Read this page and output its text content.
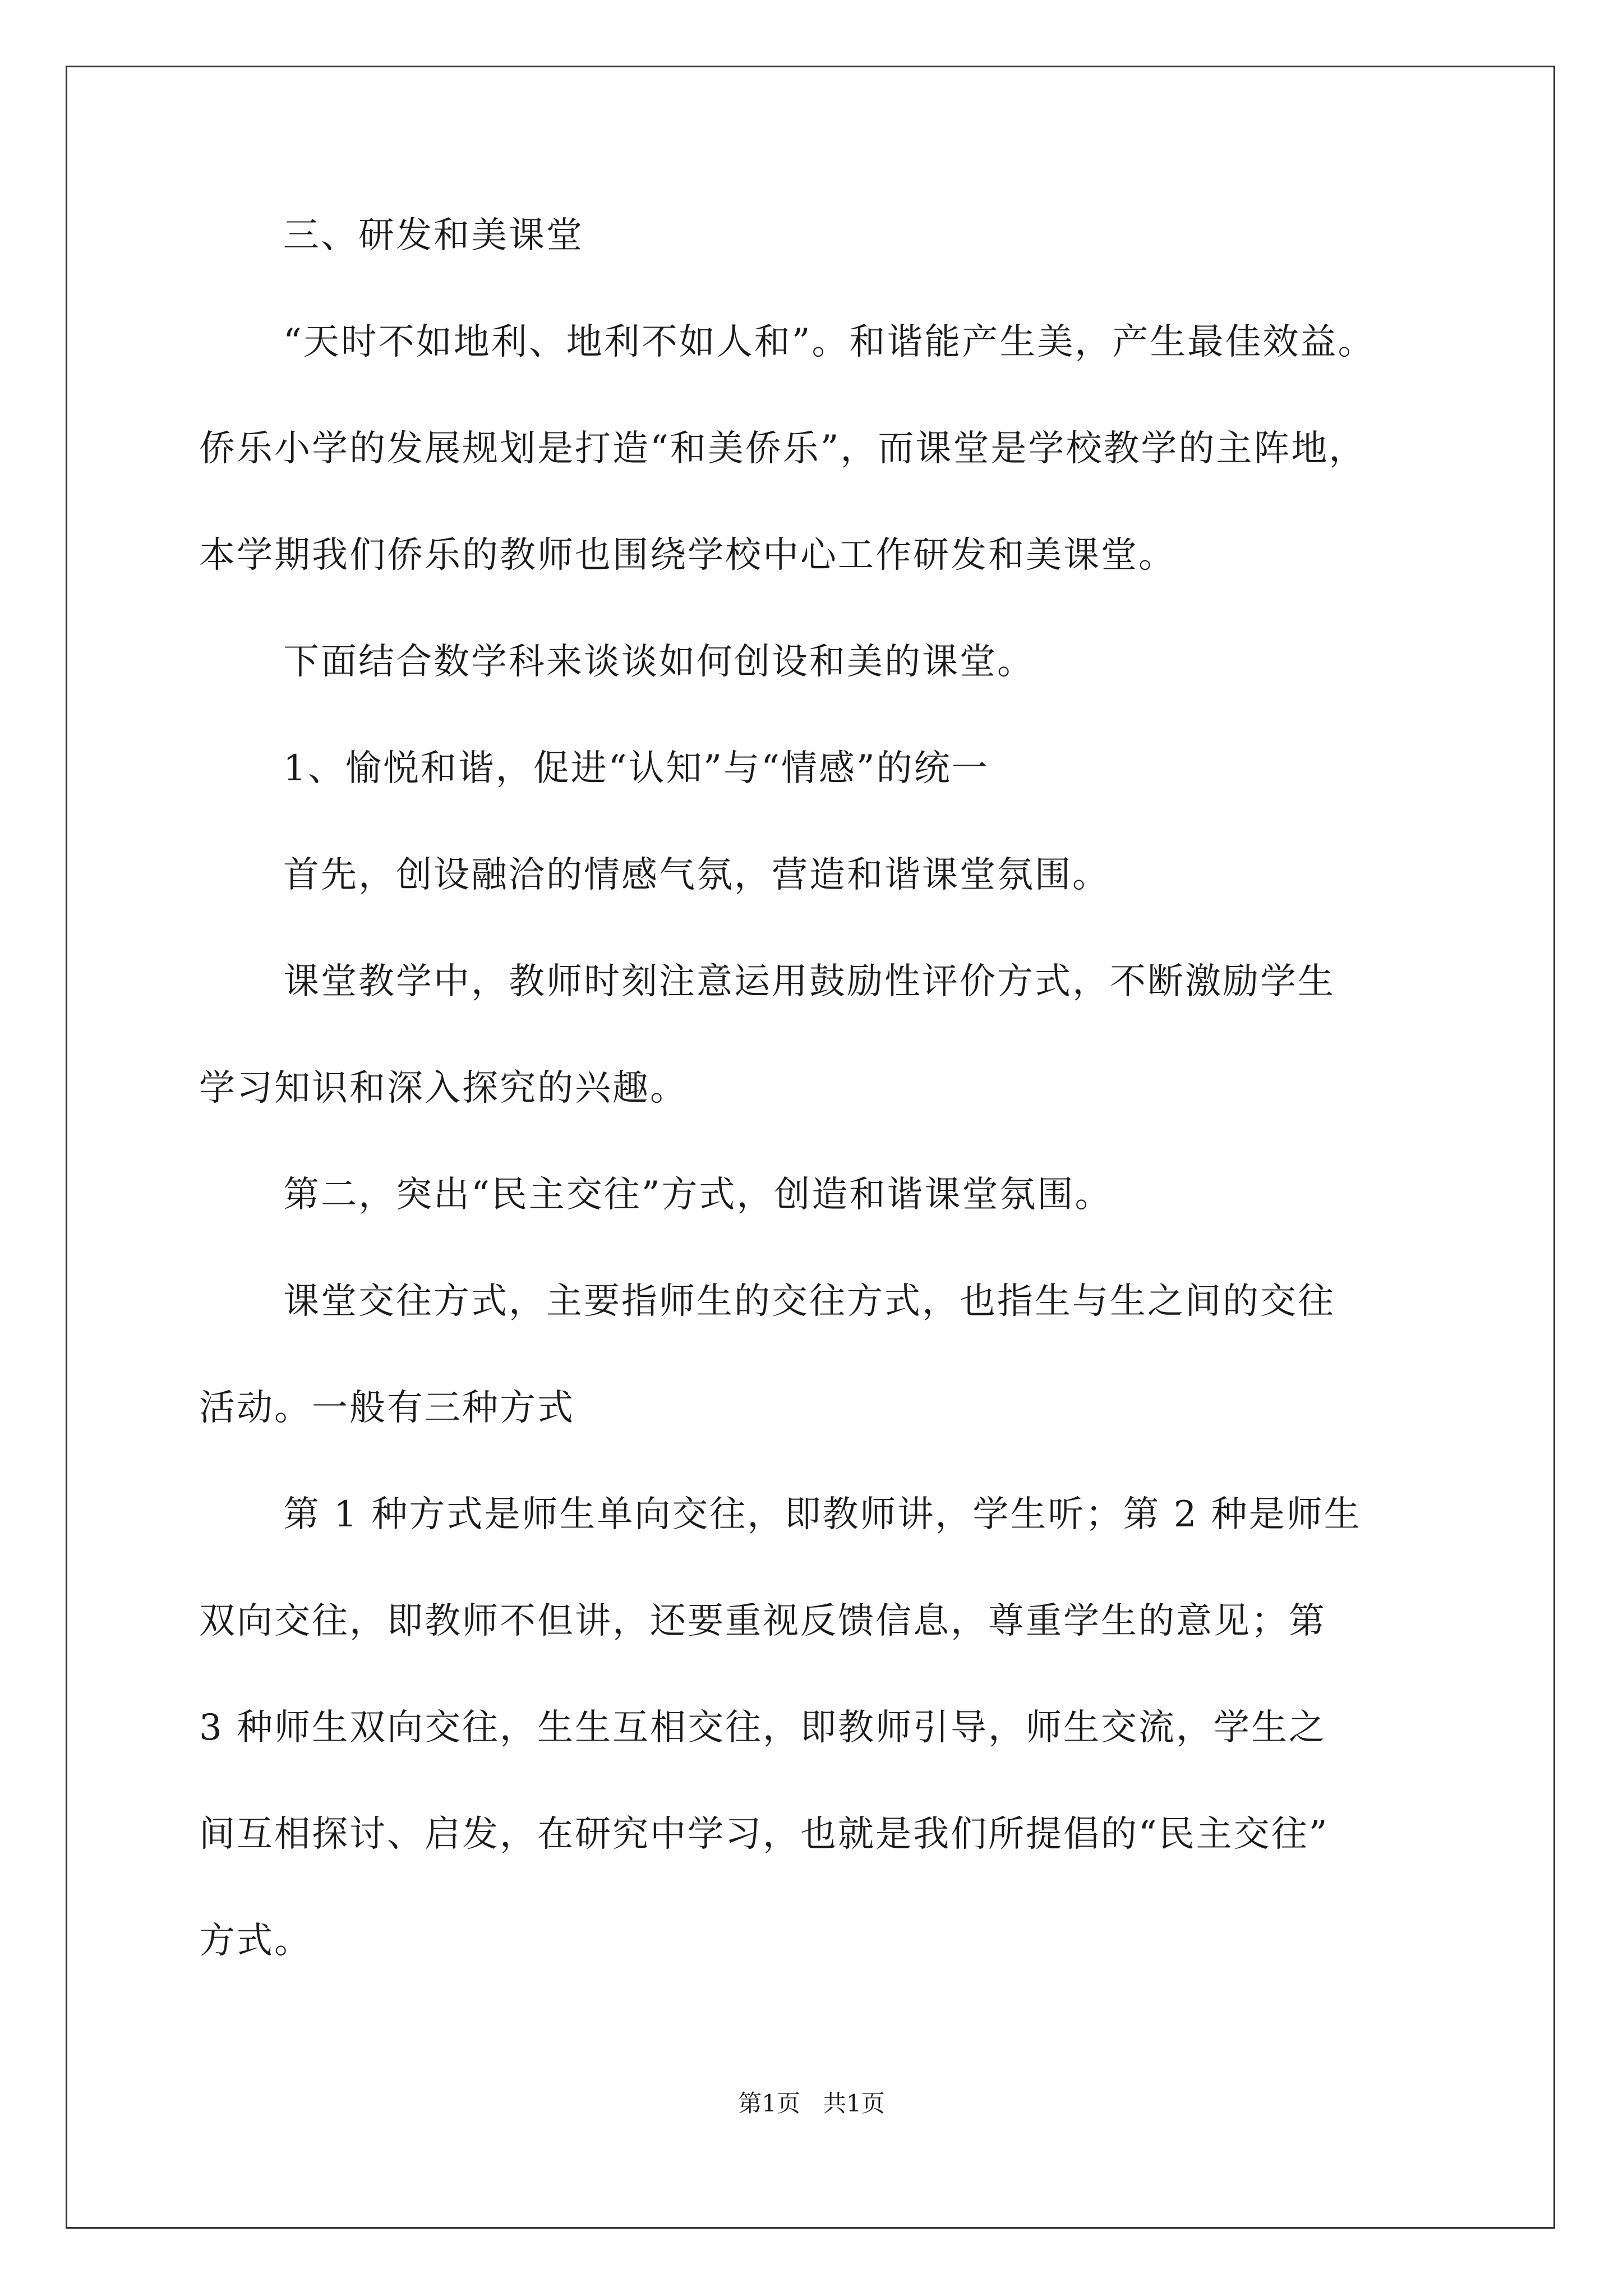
三、研发和美课堂
“天时不如地利、地利不如人和”。和谐能产生美，产生最佳效益。
侨乐小学的发展规划是打造“和美侨乐”，而课堂是学校教学的主阵地，
本学期我们侨乐的教师也围绕学校中心工作研发和美课堂。
下面结合数学科来谈谈如何创设和美的课堂。
1、愉悦和谐，促进“认知”与“情感”的统一
首先，创设融洽的情感气氛，营造和谐课堂氛围。
课堂教学中，教师时刻注意运用鼓励性评价方式，不断激励学生
学习知识和深入探究的兴趣。
第二，突出“民主交往”方式，创造和谐课堂氛围。
课堂交往方式，主要指师生的交往方式，也指生与生之间的交往
活动。一般有三种方式
第 1 种方式是师生单向交往，即教师讲，学生听；第 2 种是师生
双向交往，即教师不但讲，还要重视反馈信息，尊重学生的意见；第
3 种师生双向交往，生生互相交往，即教师引导，师生交流，学生之
间互相探讨、启发，在研究中学习，也就是我们所提倡的“民主交往”
方式。
第1页 共1页
